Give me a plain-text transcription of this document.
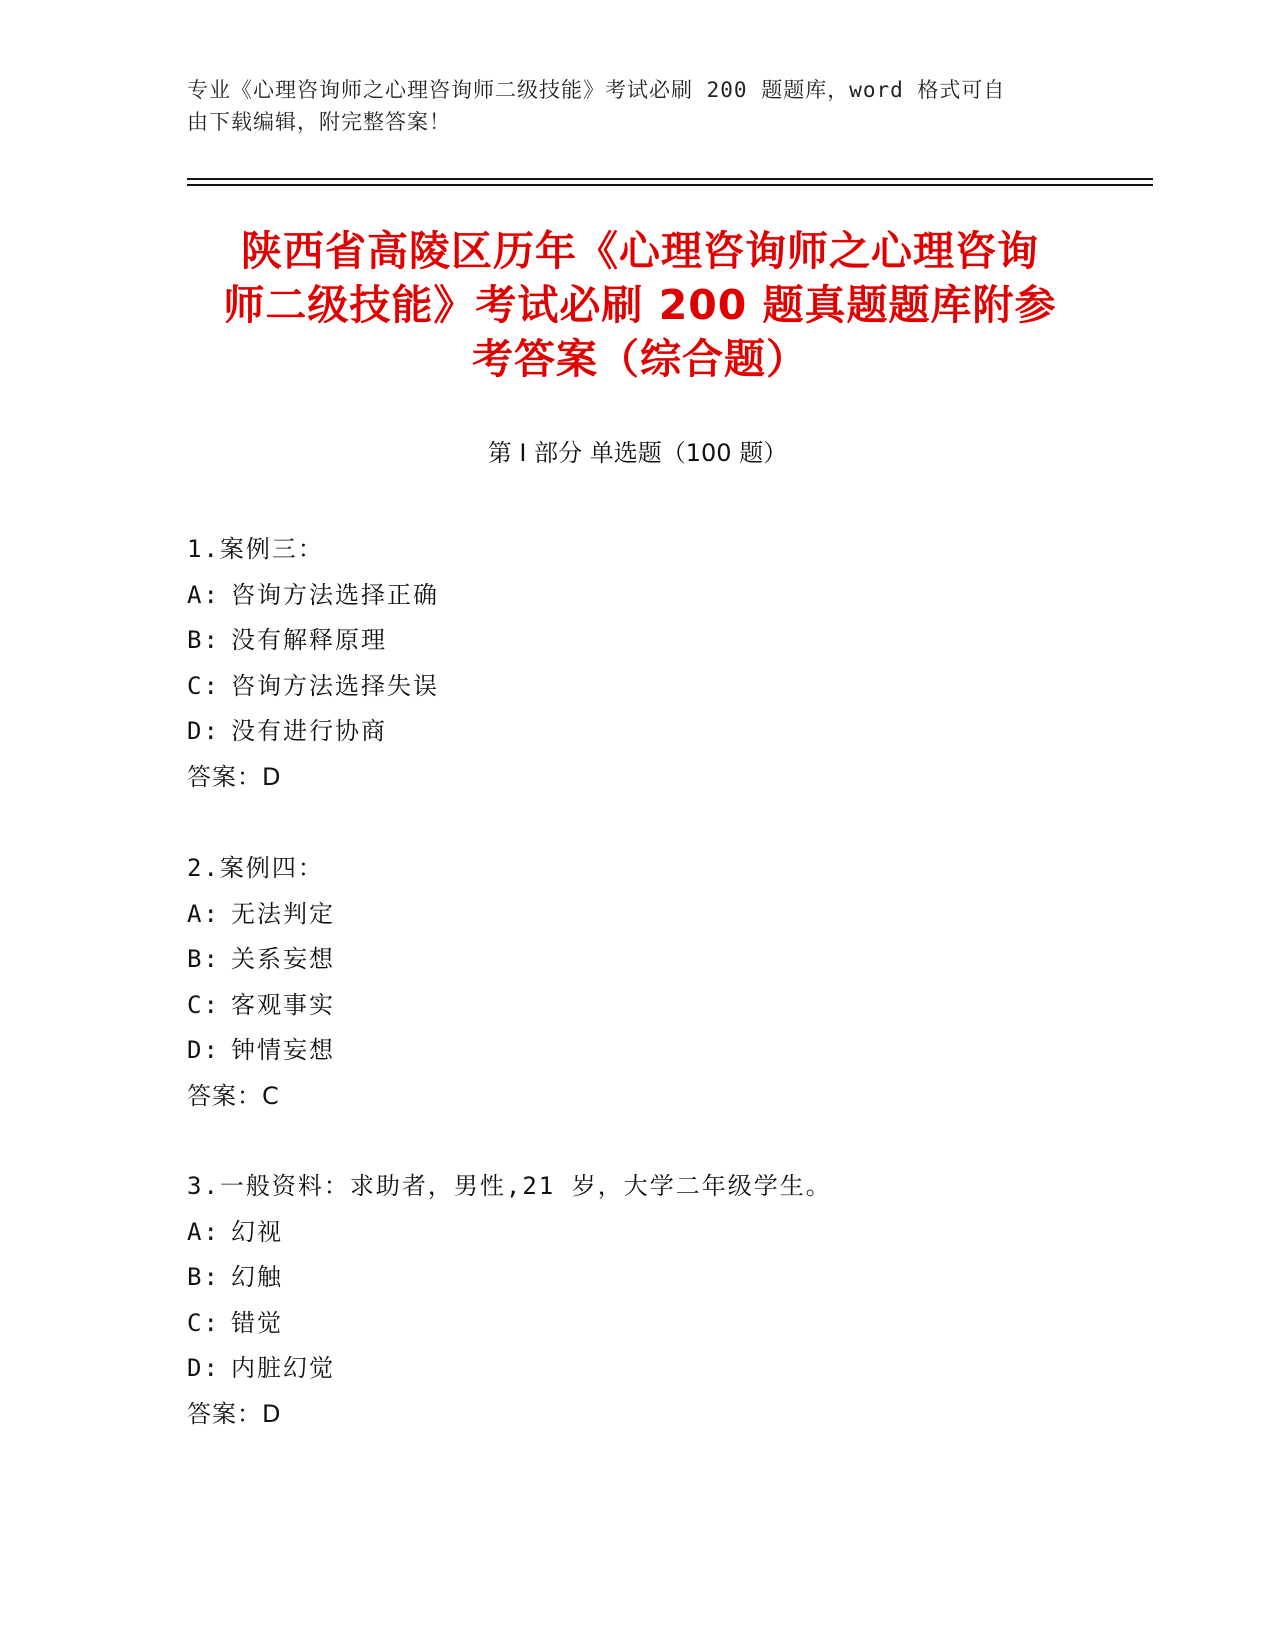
专业《心理咨询师之心理咨询师二级技能》考试必刷 200 题题库，word 格式可自
由下载编辑，附完整答案！
陕西省高陵区历年《心理咨询师之心理咨询
师二级技能》考试必刷 200 题真题题库附参
考答案（综合题）
第 I 部分 单选题（100 题）
1.案例三：
A: 咨询方法选择正确
B: 没有解释原理
C: 咨询方法选择失误
D: 没有进行协商
答案：D
2.案例四：
A: 无法判定
B: 关系妄想
C: 客观事实
D: 钟情妄想
答案：C
3.一般资料：求助者，男性,21 岁，大学二年级学生。
A: 幻视
B: 幻触
C: 错觉
D: 内脏幻觉
答案：D
